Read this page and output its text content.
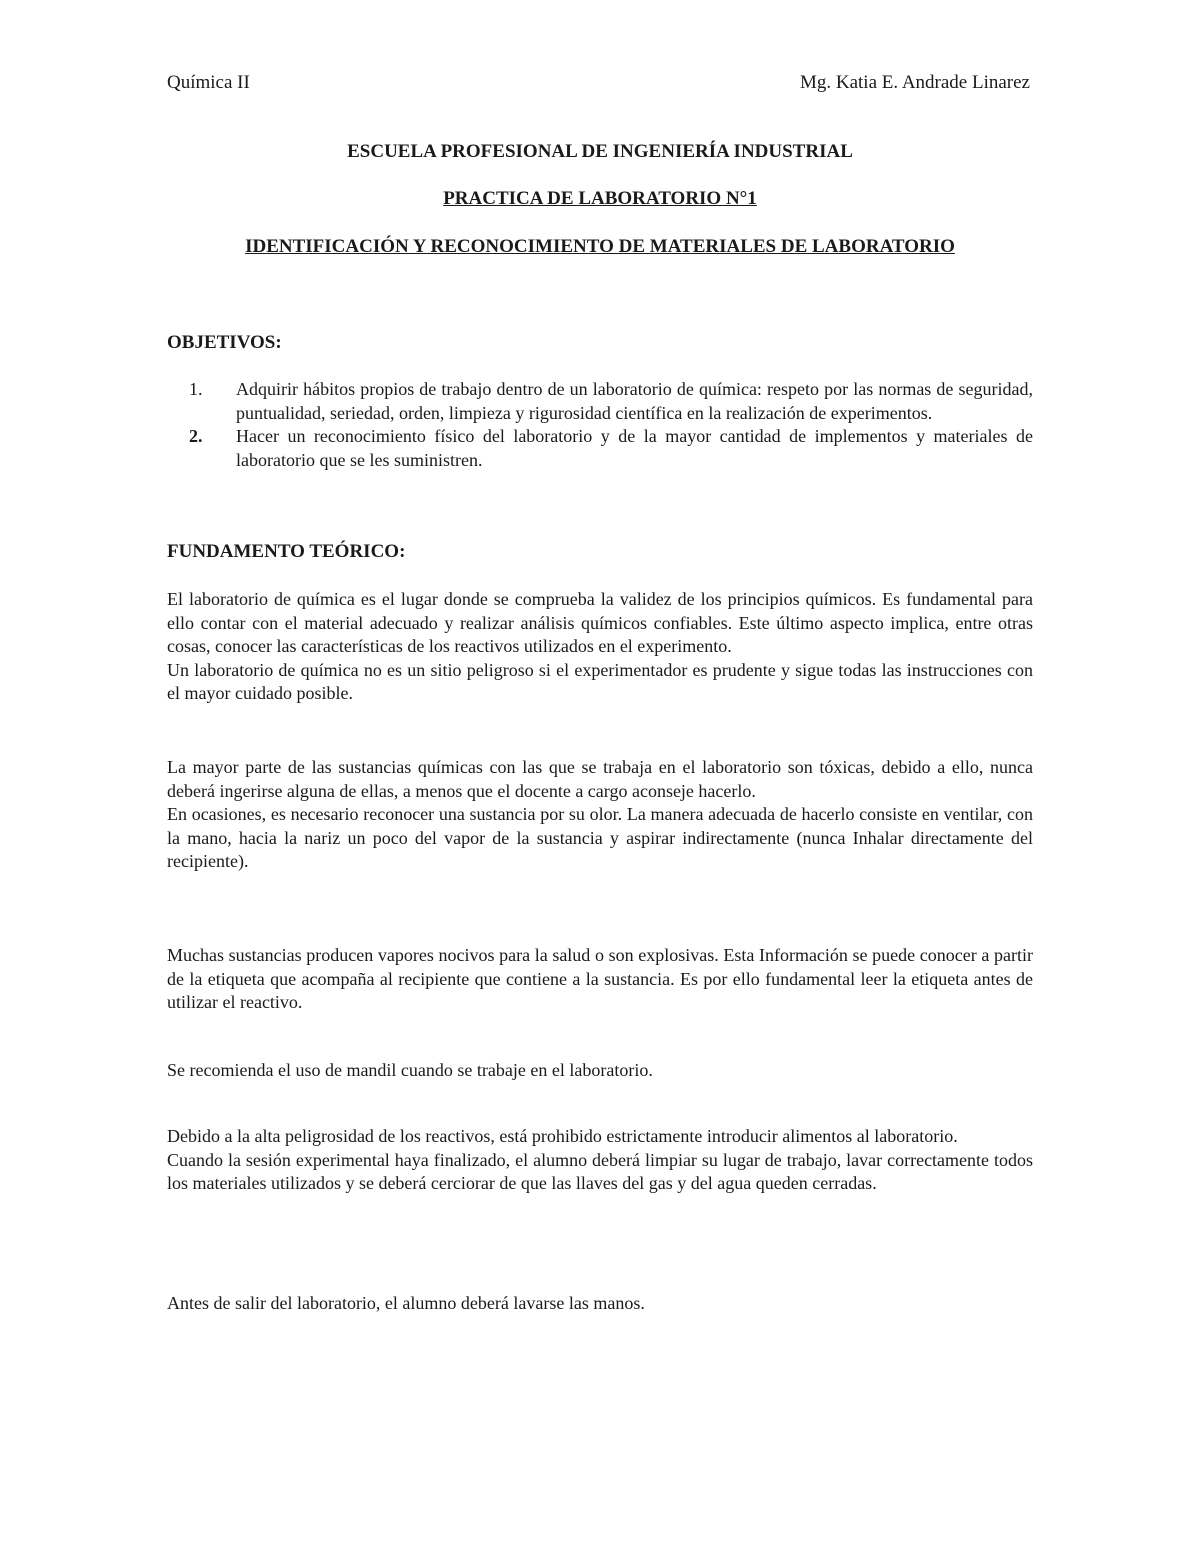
Química II	Mg. Katia E. Andrade Linarez
ESCUELA PROFESIONAL DE INGENIERÍA INDUSTRIAL
PRACTICA DE LABORATORIO N°1
IDENTIFICACIÓN Y RECONOCIMIENTO DE MATERIALES DE LABORATORIO
OBJETIVOS:
1. Adquirir hábitos propios de trabajo dentro de un laboratorio de química: respeto por las normas de seguridad, puntualidad, seriedad, orden, limpieza y rigurosidad científica en la realización de experimentos.
2. Hacer un reconocimiento físico del laboratorio y de la mayor cantidad de implementos y materiales de laboratorio que se les suministren.
FUNDAMENTO TEÓRICO:
El laboratorio de química es el lugar donde se comprueba la validez de los principios químicos. Es fundamental para ello contar con el material adecuado y realizar análisis químicos confiables. Este último aspecto implica, entre otras cosas, conocer las características de los reactivos utilizados en el experimento.
Un laboratorio de química no es un sitio peligroso si el experimentador es prudente y sigue todas las instrucciones con el mayor cuidado posible.
La mayor parte de las sustancias químicas con las que se trabaja en el laboratorio son tóxicas, debido a ello, nunca deberá ingerirse alguna de ellas, a menos que el docente a cargo aconseje hacerlo.
En ocasiones, es necesario reconocer una sustancia por su olor. La manera adecuada de hacerlo consiste en ventilar, con la mano, hacia la nariz un poco del vapor de la sustancia y aspirar indirectamente (nunca Inhalar directamente del recipiente).
Muchas sustancias producen vapores nocivos para la salud o son explosivas. Esta Información se puede conocer a partir de la etiqueta que acompaña al recipiente que contiene a la sustancia. Es por ello fundamental leer la etiqueta antes de utilizar el reactivo.
Se recomienda el uso de mandil cuando se trabaje en el laboratorio.
Debido a la alta peligrosidad de los reactivos, está prohibido estrictamente introducir alimentos al laboratorio.
Cuando la sesión experimental haya finalizado, el alumno deberá limpiar su lugar de trabajo, lavar correctamente todos los materiales utilizados y se deberá cerciorar de que las llaves del gas y del agua queden cerradas.
Antes de salir del laboratorio, el alumno deberá lavarse las manos.
